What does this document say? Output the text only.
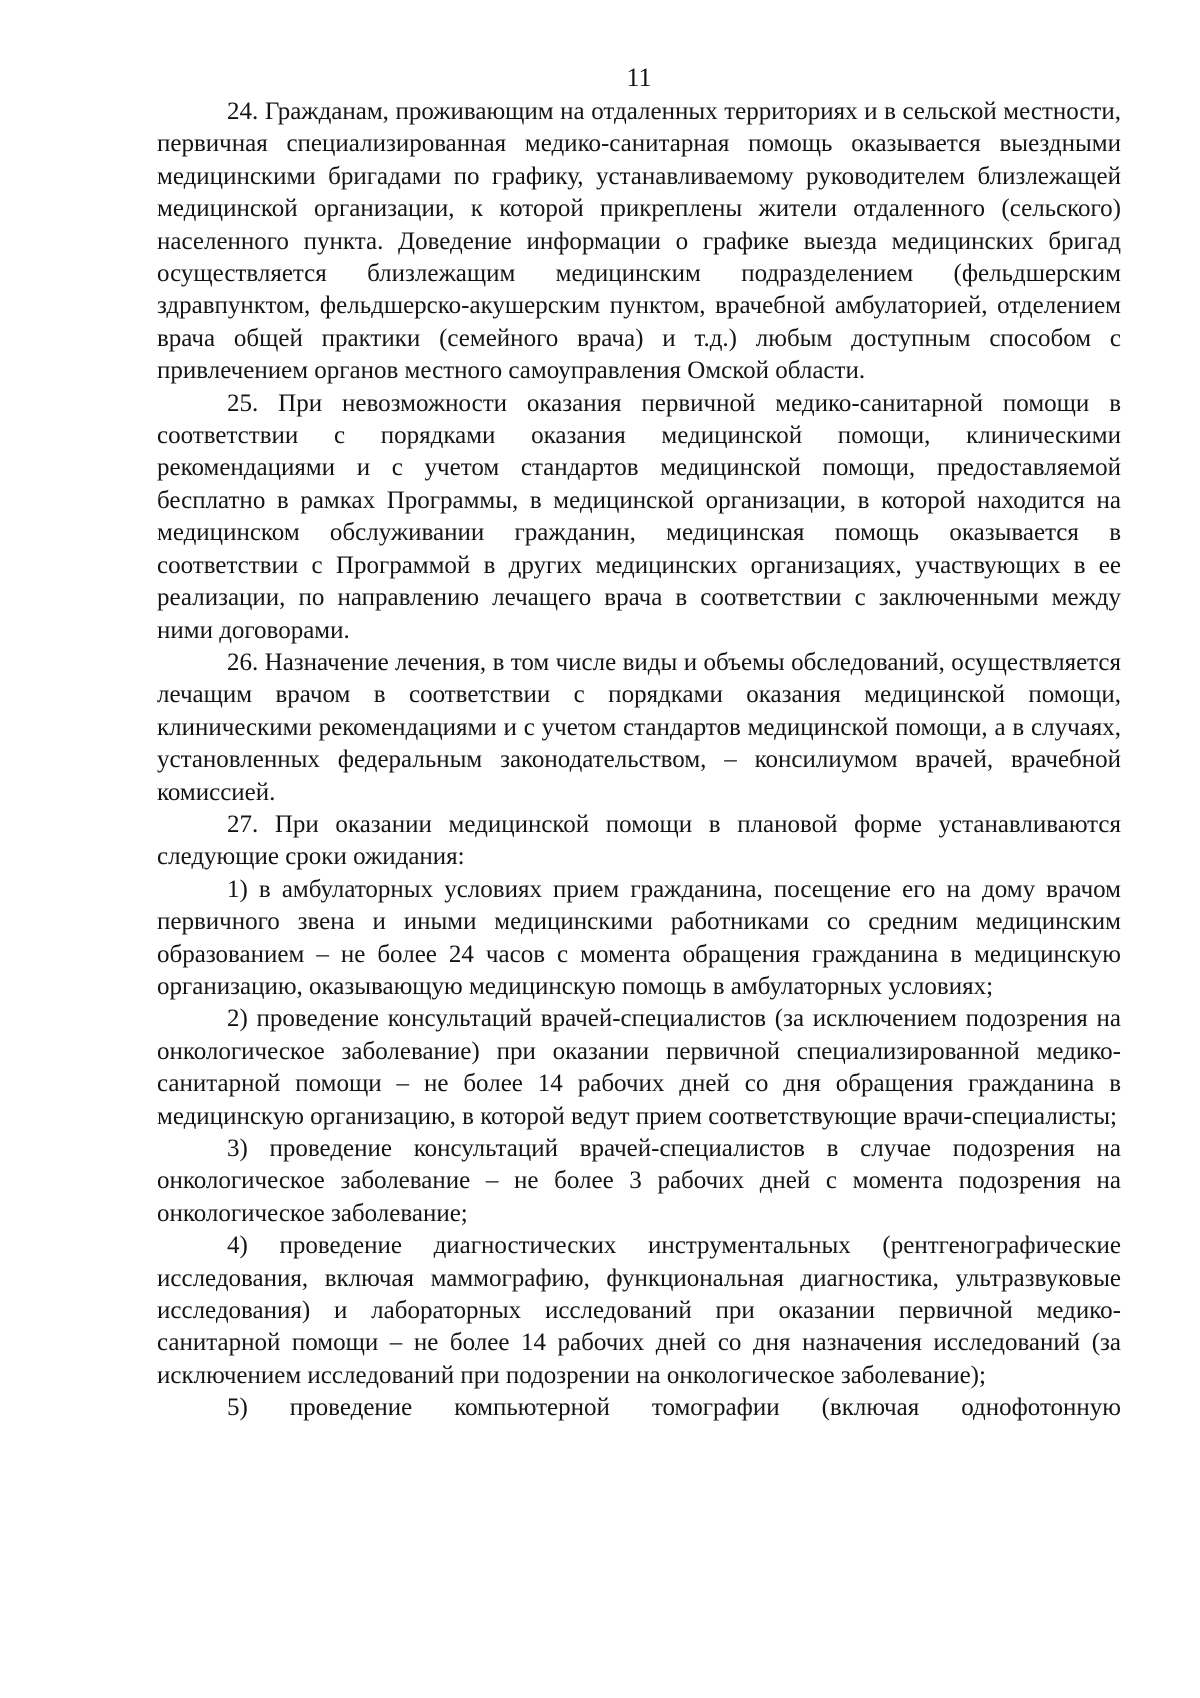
11

24. Гражданам, проживающим на отдаленных территориях и в сельской местности, первичная специализированная медико-санитарная помощь оказывается выездными медицинскими бригадами по графику, устанавливаемому руководителем близлежащей медицинской организации, к которой прикреплены жители отдаленного (сельского) населенного пункта. Доведение информации о графике выезда медицинских бригад осуществляется близлежащим медицинским подразделением (фельдшерским здравпунктом, фельдшерско-акушерским пунктом, врачебной амбулаторией, отделением врача общей практики (семейного врача) и т.д.) любым доступным способом с привлечением органов местного самоуправления Омской области.

25. При невозможности оказания первичной медико-санитарной помощи в соответствии с порядками оказания медицинской помощи, клиническими рекомендациями и с учетом стандартов медицинской помощи, предоставляемой бесплатно в рамках Программы, в медицинской организации, в которой находится на медицинском обслуживании гражданин, медицинская помощь оказывается в соответствии с Программой в других медицинских организациях, участвующих в ее реализации, по направлению лечащего врача в соответствии с заключенными между ними договорами.

26. Назначение лечения, в том числе виды и объемы обследований, осуществляется лечащим врачом в соответствии с порядками оказания медицинской помощи, клиническими рекомендациями и с учетом стандартов медицинской помощи, а в случаях, установленных федеральным законодательством, – консилиумом врачей, врачебной комиссией.

27. При оказании медицинской помощи в плановой форме устанавливаются следующие сроки ожидания:

1) в амбулаторных условиях прием гражданина, посещение его на дому врачом первичного звена и иными медицинскими работниками со средним медицинским образованием – не более 24 часов с момента обращения гражданина в медицинскую организацию, оказывающую медицинскую помощь в амбулаторных условиях;

2) проведение консультаций врачей-специалистов (за исключением подозрения на онкологическое заболевание) при оказании первичной специализированной медико-санитарной помощи – не более 14 рабочих дней со дня обращения гражданина в медицинскую организацию, в которой ведут прием соответствующие врачи-специалисты;

3) проведение консультаций врачей-специалистов в случае подозрения на онкологическое заболевание – не более 3 рабочих дней с момента подозрения на онкологическое заболевание;

4) проведение диагностических инструментальных (рентгенографические исследования, включая маммографию, функциональная диагностика, ультразвуковые исследования) и лабораторных исследований при оказании первичной медико-санитарной помощи – не более 14 рабочих дней со дня назначения исследований (за исключением исследований при подозрении на онкологическое заболевание);

5) проведение компьютерной томографии (включая однофотонную
